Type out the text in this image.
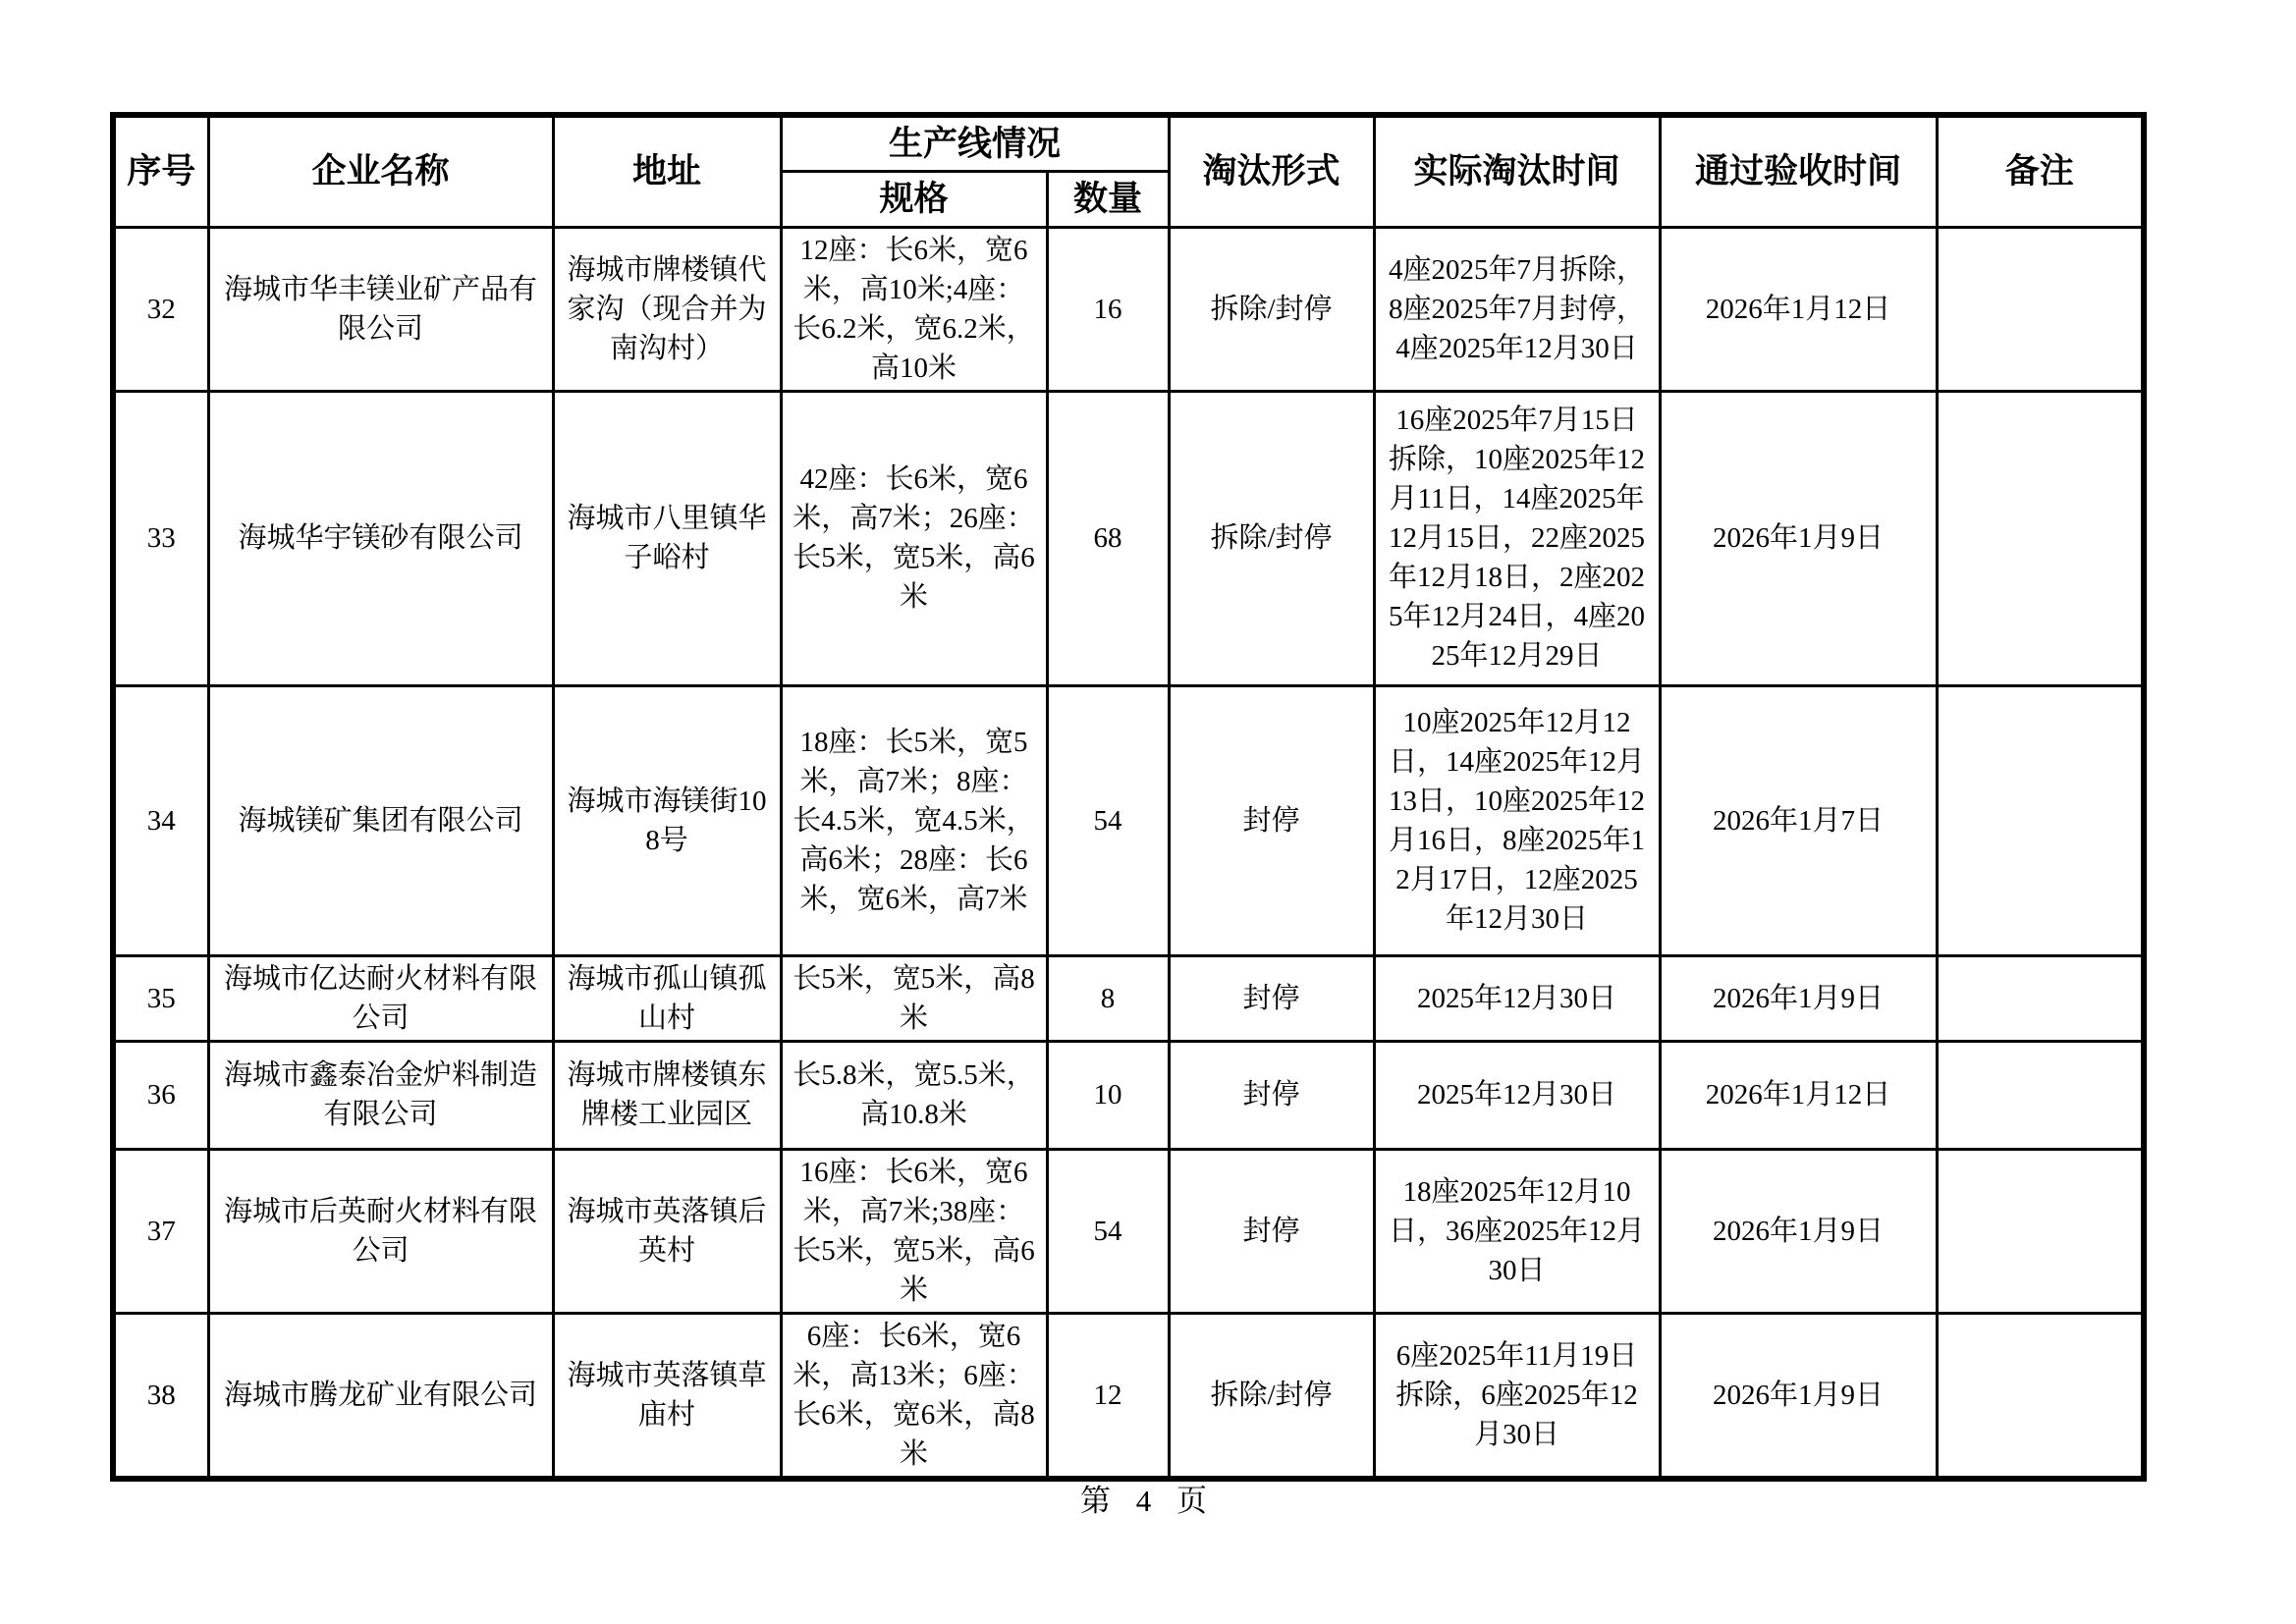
序号	企业名称	地址	生产线情况		淘汰形式	实际淘汰时间	通过验收时间	备注
			规格	数量				
32	海城市华丰镁业矿产品有限公司	海城市牌楼镇代家沟（现合并为南沟村）	12座：长6米，宽6米，高10米;4座：长6.2米，宽6.2米，高10米	16	拆除/封停	4座2025年7月拆除，8座2025年7月封停，4座2025年12月30日	2026年1月12日	
33	海城华宇镁砂有限公司	海城市八里镇华子峪村	42座：长6米，宽6米，高7米；26座：长5米，宽5米，高6米	68	拆除/封停	16座2025年7月15日拆除，10座2025年12月11日，14座2025年12月15日，22座2025年12月18日，2座2025年12月24日，4座2025年12月29日	2026年1月9日	
34	海城镁矿集团有限公司	海城市海镁街108号	18座：长5米，宽5米，高7米；8座：长4.5米，宽4.5米，高6米；28座：长6米，宽6米，高7米	54	封停	10座2025年12月12日，14座2025年12月13日，10座2025年12月16日，8座2025年12月17日，12座2025年12月30日	2026年1月7日	
35	海城市亿达耐火材料有限公司	海城市孤山镇孤山村	长5米，宽5米，高8米	8	封停	2025年12月30日	2026年1月9日	
36	海城市鑫泰冶金炉料制造有限公司	海城市牌楼镇东牌楼工业园区	长5.8米，宽5.5米，高10.8米	10	封停	2025年12月30日	2026年1月12日	
37	海城市后英耐火材料有限公司	海城市英落镇后英村	16座：长6米，宽6米，高7米;38座：长5米，宽5米，高6米	54	封停	18座2025年12月10日，36座2025年12月30日	2026年1月9日	
38	海城市腾龙矿业有限公司	海城市英落镇草庙村	6座：长6米，宽6米，高13米；6座：长6米，宽6米，高8米	12	拆除/封停	6座2025年11月19日拆除，6座2025年12月30日	2026年1月9日	
第 4 页
